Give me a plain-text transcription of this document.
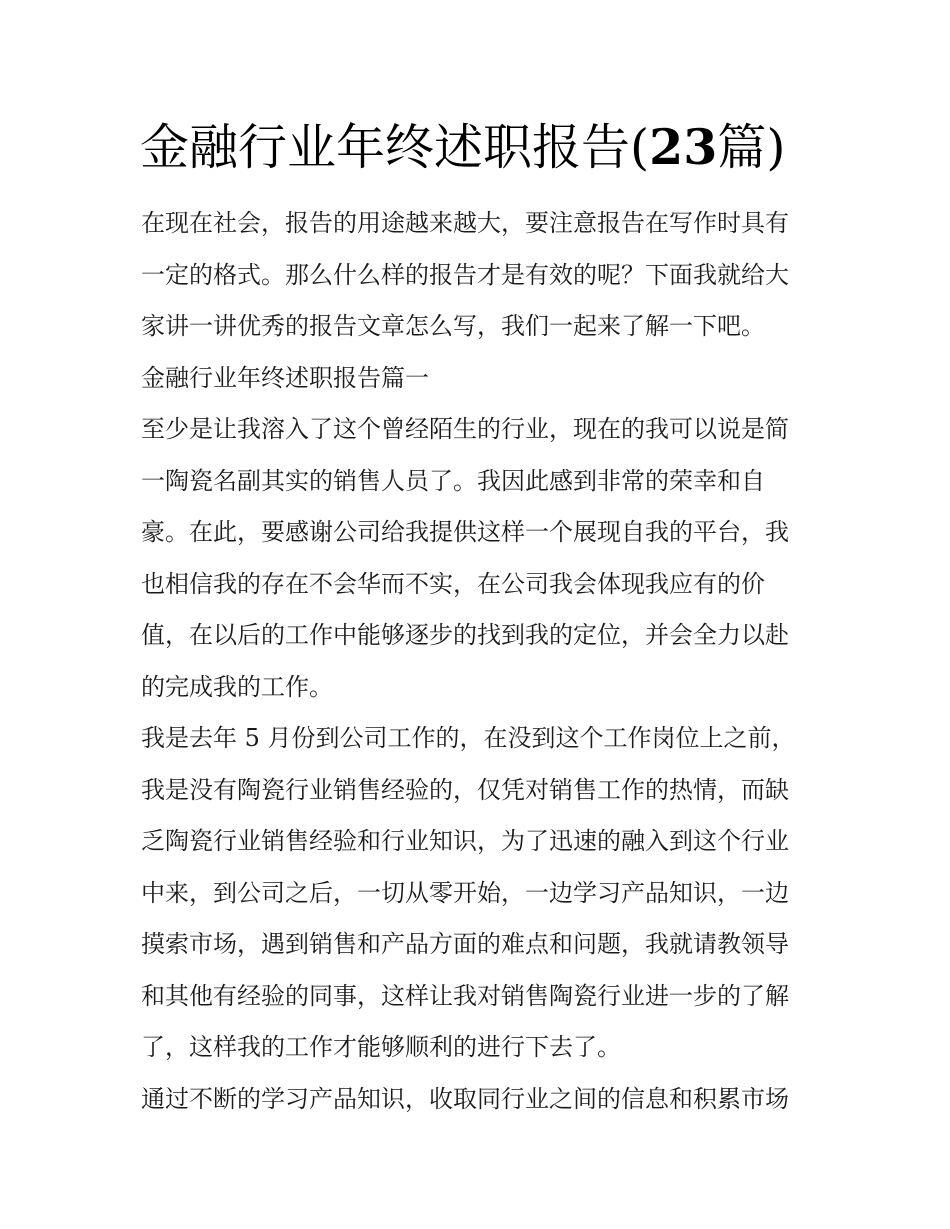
金融行业年终述职报告(23篇)

在现在社会，报告的用途越来越大，要注意报告在写作时具有
一定的格式。那么什么样的报告才是有效的呢？下面我就给大
家讲一讲优秀的报告文章怎么写，我们一起来了解一下吧。

金融行业年终述职报告篇一

至少是让我溶入了这个曾经陌生的行业，现在的我可以说是简
一陶瓷名副其实的销售人员了。我因此感到非常的荣幸和自
豪。在此，要感谢公司给我提供这样一个展现自我的平台，我
也相信我的存在不会华而不实，在公司我会体现我应有的价
值，在以后的工作中能够逐步的找到我的定位，并会全力以赴
的完成我的工作。

我是去年 5 月份到公司工作的，在没到这个工作岗位上之前，
我是没有陶瓷行业销售经验的，仅凭对销售工作的热情，而缺
乏陶瓷行业销售经验和行业知识，为了迅速的融入到这个行业
中来，到公司之后，一切从零开始，一边学习产品知识，一边
摸索市场，遇到销售和产品方面的难点和问题，我就请教领导
和其他有经验的同事，这样让我对销售陶瓷行业进一步的了解
了，这样我的工作才能够顺利的进行下去了。

通过不断的学习产品知识，收取同行业之间的信息和积累市场
